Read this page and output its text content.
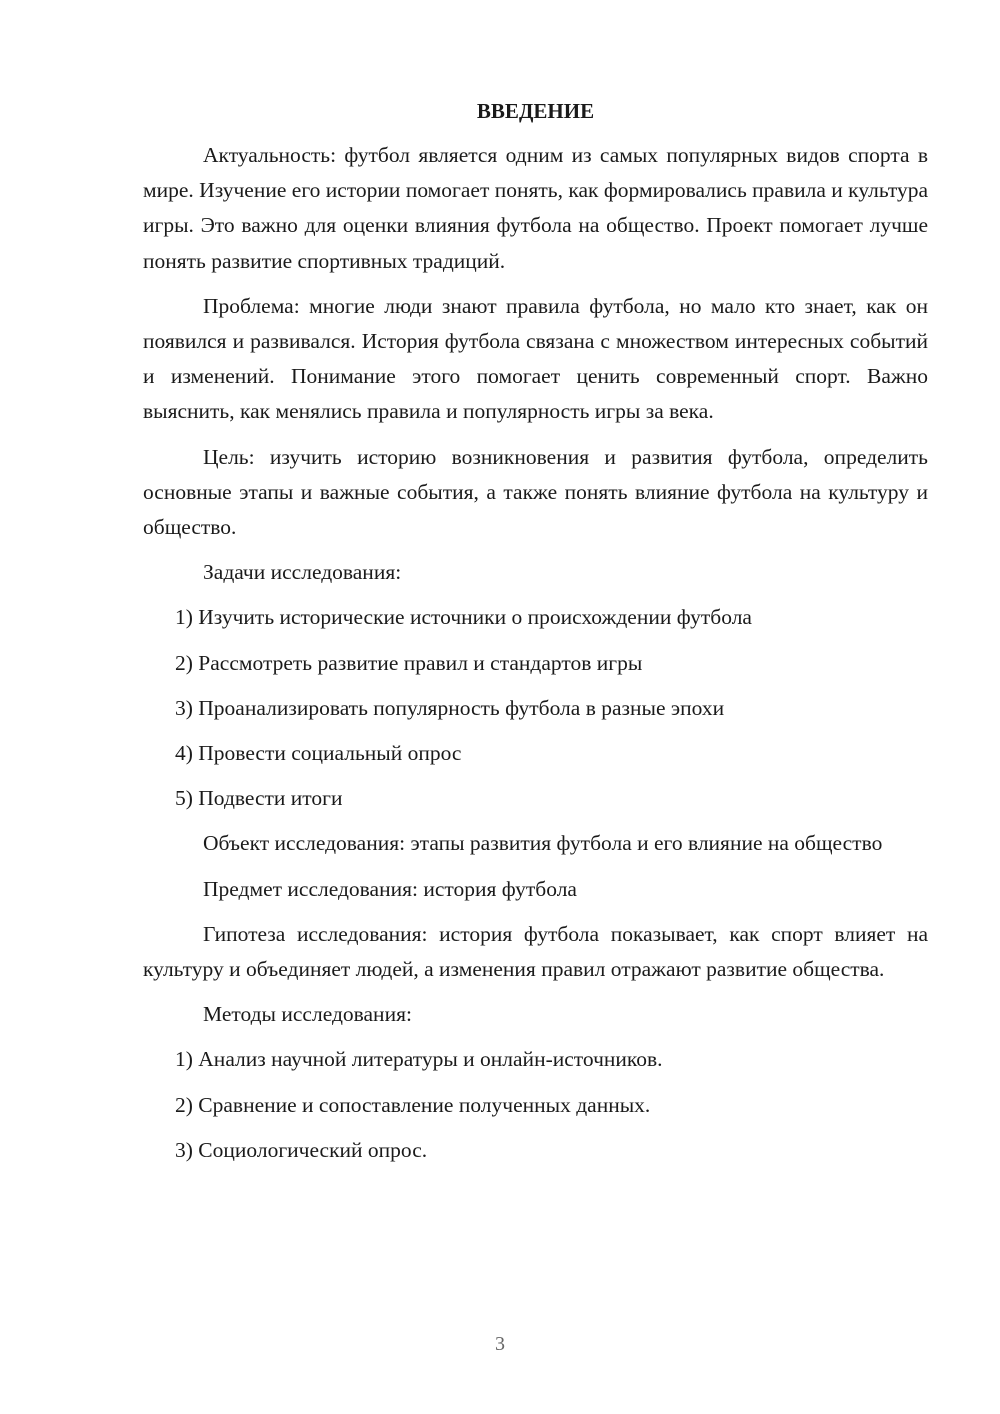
ВВЕДЕНИЕ

Актуальность: футбол является одним из самых популярных видов спорта в мире. Изучение его истории помогает понять, как формировались правила и культура игры. Это важно для оценки влияния футбола на общество. Проект помогает лучше понять развитие спортивных традиций.

Проблема: многие люди знают правила футбола, но мало кто знает, как он появился и развивался. История футбола связана с множеством интересных событий и изменений. Понимание этого помогает ценить современный спорт. Важно выяснить, как менялись правила и популярность игры за века.

Цель: изучить историю возникновения и развития футбола, определить основные этапы и важные события, а также понять влияние футбола на культуру и общество.

Задачи исследования:

1) Изучить исторические источники о происхождении футбола
2) Рассмотреть развитие правил и стандартов игры
3) Проанализировать популярность футбола в разные эпохи
4) Провести социальный опрос
5) Подвести итоги

Объект исследования: этапы развития футбола и его влияние на общество

Предмет исследования: история футбола

Гипотеза исследования: история футбола показывает, как спорт влияет на культуру и объединяет людей, а изменения правил отражают развитие общества.

Методы исследования:

1) Анализ научной литературы и онлайн-источников.
2) Сравнение и сопоставление полученных данных.
3) Социологический опрос.
3
